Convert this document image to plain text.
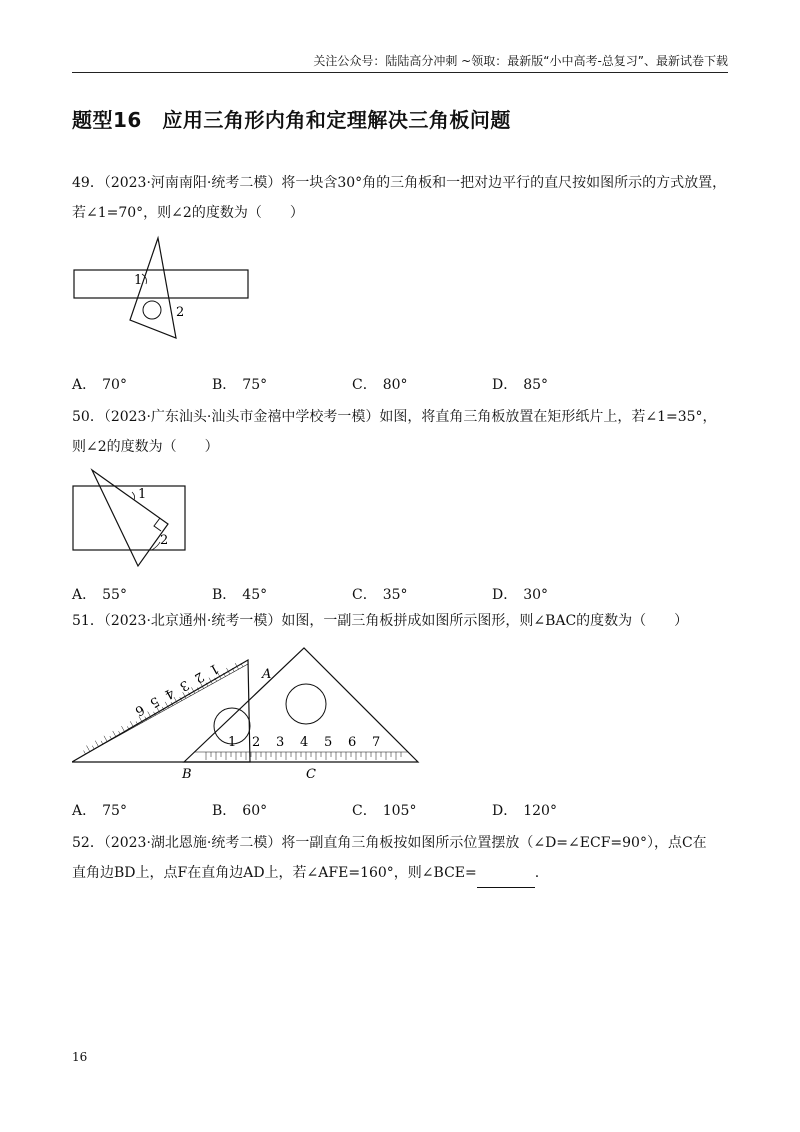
关注公众号：陆陆高分冲刺 ~领取：最新版“小中高考-总复习”、最新试卷下载
题型16　应用三角形内角和定理解决三角板问题
49．（2023·河南南阳·统考二模）将一块含30°角的三角板和一把对边平行的直尺按如图所示的方式放置，
若∠1=70°，则∠2的度数为（　　）
1
2
A． 70°	B． 75°	C． 80°	D． 85°
50．（2023·广东汕头·汕头市金禧中学校考一模）如图，将直角三角板放置在矩形纸片上，若∠1=35°，
则∠2的度数为（　　）
1
2
A． 55°	B． 45°	C． 35°	D． 30°
51．（2023·北京通州·统考一模）如图，一副三角板拼成如图所示图形，则∠BAC的度数为（　　）
1 2 3 4 5 6 7
1
2
3
4
5
6
A
B	C
A． 75°	B． 60°	C． 105°	D． 120°
52．（2023·湖北恩施·统考二模）将一副直角三角板按如图所示位置摆放（∠D=∠ECF=90°），点C在
直角边BD上，点F在直角边AD上，若∠AFE=160°，则∠BCE=	.
16
